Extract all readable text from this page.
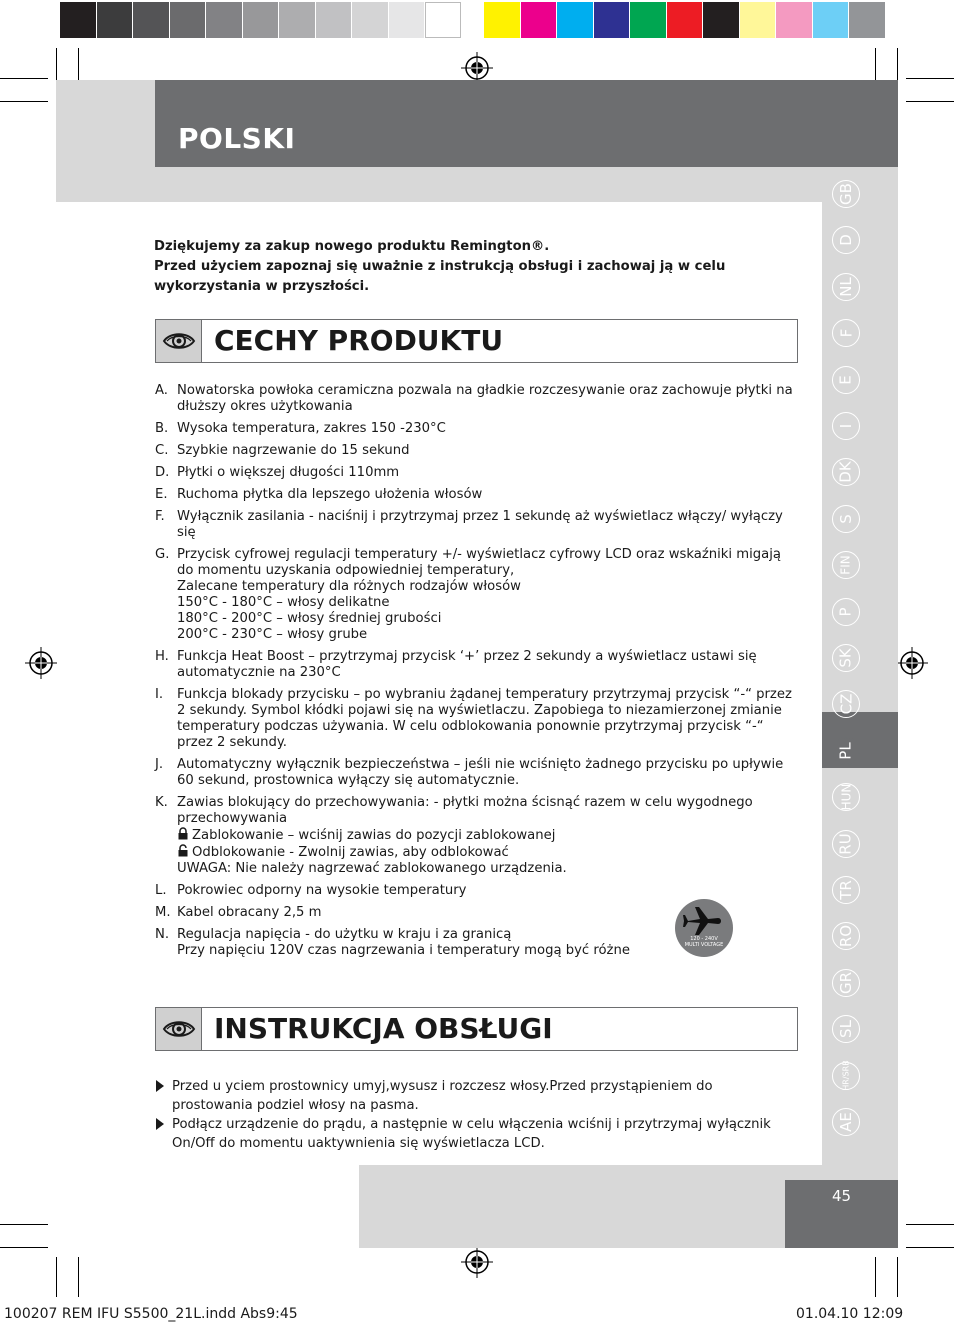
POLSKI
GB
D
NL
F
E
I
DK
S
FIN
P
SK
CZ
PL
HUN
RU
TR
RO
GR
SL
HR/SRB
AE
Dziękujemy za zakup nowego produktu Remington®.
Przed użyciem zapoznaj się uważnie z instrukcją obsługi i zachowaj ją w celu wykorzystania w przyszłości.
CECHY PRODUKTU
A. Nowatorska powłoka ceramiczna pozwala na gładkie rozczesywanie oraz zachowuje płytki na dłuższy okres użytkowania
B. Wysoka temperatura, zakres 150 -230°C
C. Szybkie nagrzewanie do 15 sekund
D. Płytki o większej długości 110mm
E. Ruchoma płytka dla lepszego ułożenia włosów
F. Wyłącznik zasilania - naciśnij i przytrzymaj przez 1 sekundę aż wyświetlacz włączy/ wyłączy się
G. Przycisk cyfrowej regulacji temperatury +/- wyświetlacz cyfrowy LCD oraz wskaźniki migają do momentu uzyskania odpowiedniej temperatury,
Zalecane temperatury dla różnych rodzajów włosów
150°C - 180°C – włosy delikatne
180°C - 200°C – włosy średniej grubości
200°C - 230°C – włosy grube
H. Funkcja Heat Boost – przytrzymaj przycisk ‘+’ przez 2 sekundy a wyświetlacz ustawi się automatycznie na 230°C
I. Funkcja blokady przycisku – po wybraniu żądanej temperatury przytrzymaj przycisk “-“ przez 2 sekundy. Symbol kłódki pojawi się na wyświetlaczu. Zapobiega to niezamierzonej zmianie temperatury podczas używania. W celu odblokowania ponownie przytrzymaj przycisk “-“ przez 2 sekundy.
J. Automatyczny wyłącznik bezpieczeństwa – jeśli nie wciśnięto żadnego przycisku po upływie 60 sekund, prostownica wyłączy się automatycznie.
K. Zawias blokujący do przechowywania: - płytki można ścisnąć razem w celu wygodnego przechowywania
Zablokowanie – wciśnij zawias do pozycji zablokowanej
Odblokowanie - Zwolnij zawias, aby odblokować
UWAGA: Nie należy nagrzewać zablokowanego urządzenia.
L. Pokrowiec odporny na wysokie temperatury
M. Kabel obracany 2,5 m
N. Regulacja napięcia - do użytku w kraju i za granicą
Przy napięciu 120V czas nagrzewania i temperatury mogą być różne
120 - 240V
MULTI VOLTAGE
INSTRUKCJA OBSŁUGI
Przed u yciem prostownicy umyj,wysusz i rozczesz włosy.Przed przystąpieniem do prostowania podziel włosy na pasma.
Podłącz urządzenie do prądu, a następnie w celu włączenia wciśnij i przytrzymaj wyłącznik On/Off do momentu uaktywnienia się wyświetlacza LCD.
45
100207 REM IFU S5500_21L.indd Abs9:45	01.04.10 12:09
